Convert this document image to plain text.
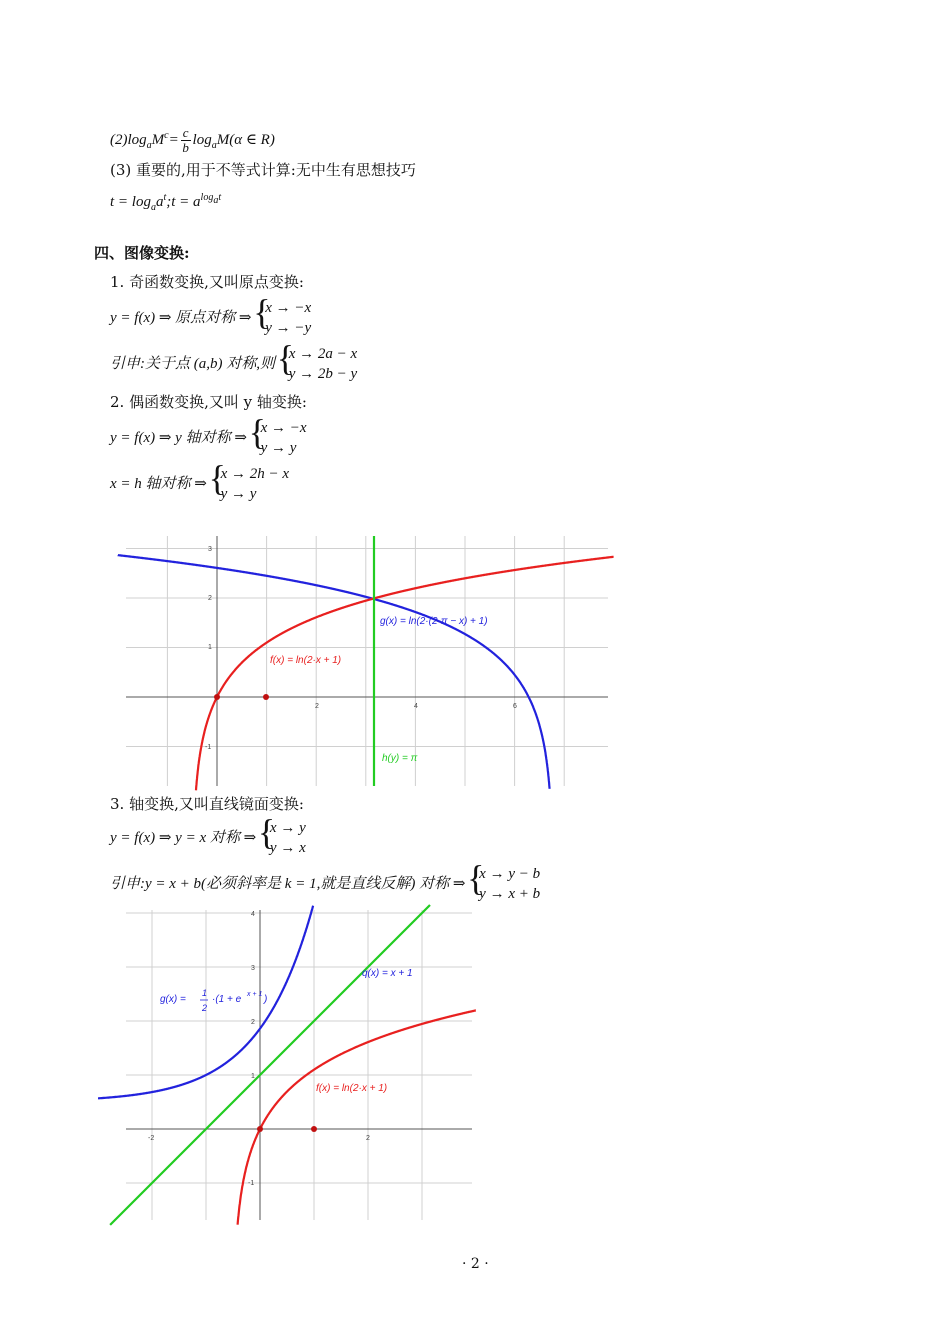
$(2)\log_aM^c= \frac{c}{b} \log_aM(\alpha$ ∈ R)
(3) 重要的,用于不等式计算:无中生有思想技巧
$t = \log_aa^t;t = a^{log_at}$
四、图像变换:
1. 奇函数变换,又叫原点变换:
y = f(x) ⇒ 原点对称 ⇒ {
x → −x
y → −y
引申:关于点 (a,b) 对称,则 {
x → 2a − x
y → 2b − y
2. 偶函数变换,又叫 y 轴变换:
y = f(x) ⇒ y 轴对称 ⇒ {
x → −x
y → y
x = h 轴对称 ⇒ {
x → 2h − x
y → y
2	4	6
3
2
1
-1
f(x) = ln(2·x + 1)
g(x) = ln(2·(2·π − x) + 1)
h(y) = π
3. 轴变换,又叫直线镜面变换:
y = f(x) ⇒ y = x 对称 ⇒ {
x → y
y → x
引申:y = x + b(必须斜率是 k = 1,就是直线反解) 对称 ⇒ {
x → y − b
y → x + b
-2	2
4
3
2
1
-1
q(x) = x + 1
f(x) = ln(2·x + 1)
g(x) =
1
2
·(1 + e x + 1 )
· 2 ·
